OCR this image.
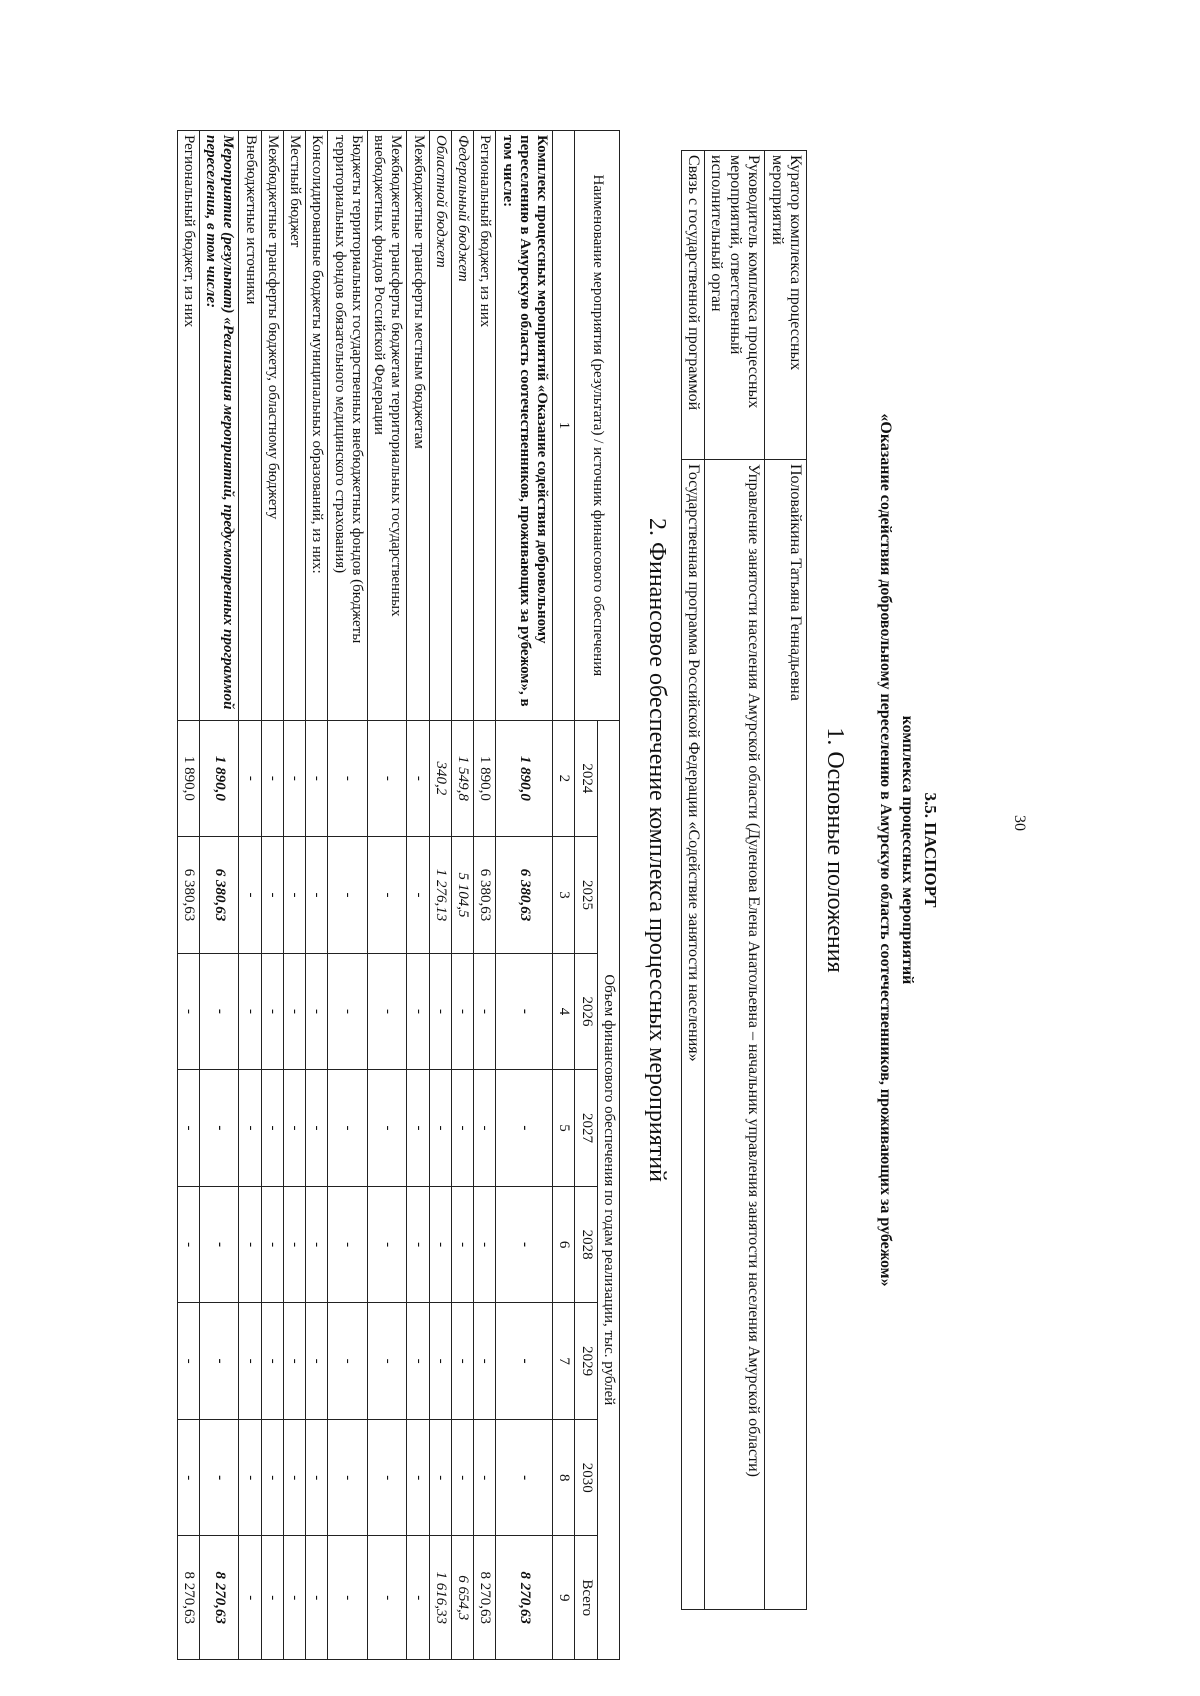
30
3.5. ПАСПОРТ
комплекса процессных мероприятий
«Оказание содействия добровольному переселению в Амурскую область соотечественников, проживающих за рубежом»
1. Основные положения
Куратор комплекса процессных мероприятий	Половайкина Татьяна Геннадьевна
Руководитель комплекса процессных мероприятий, ответственный исполнительный орган	Управление занятости населения Амурской области (Дуленова Елена Анатольевна – начальник управления занятости населения Амурской области)
Связь с государственной программой	Государственная программа Российской Федерации «Содействие занятости населения»
2. Финансовое обеспечение комплекса процессных мероприятий
Наименование мероприятия (результата) / источник финансового обеспечения	Объем финансового обеспечения по годам реализации, тыс. рублей							
	2024	2025	2026	2027	2028	2029	2030	Всего
1	2	3	4	5	6	7	8	9
Комплекс процессных мероприятий «Оказание содействия добровольному переселению в Амурскую область соотечественников, проживающих за рубежом», в том числе:	1 890,0	6 380,63	-	-	-	-	-	8 270,63
Региональный бюджет, из них	1 890,0	6 380,63	-	-	-	-	-	8 270,63
Федеральный бюджет	1 549,8	5 104,5	-	-	-	-	-	6 654,3
Областной бюджет	340,2	1 276,13	-	-	-	-	-	1 616,33
Межбюджетные трансферты местным бюджетам	-	-	-	-	-	-	-	-
Межбюджетные трансферты бюджетам территориальных государственных внебюджетных фондов Российской Федерации	-	-	-	-	-	-	-	-
Бюджеты территориальных государственных внебюджетных фондов (бюджеты территориальных фондов обязательного медицинского страхования)	-	-	-	-	-	-	-	-
Консолидированные бюджеты муниципальных образований, из них:	-	-	-	-	-	-	-	-
Местный бюджет	-	-	-	-	-	-	-	-
Межбюджетные трансферты бюджету, областному бюджету	-	-	-	-	-	-	-	-
Внебюджетные источники	-	-	-	-	-	-	-	-
Мероприятие (результат) «Реализация мероприятий, предусмотренных программой переселения, в том числе:	1 890,0	6 380,63	-	-	-	-	-	8 270,63
Региональный бюджет, из них	1 890,0	6 380,63	-	-	-	-	-	8 270,63
